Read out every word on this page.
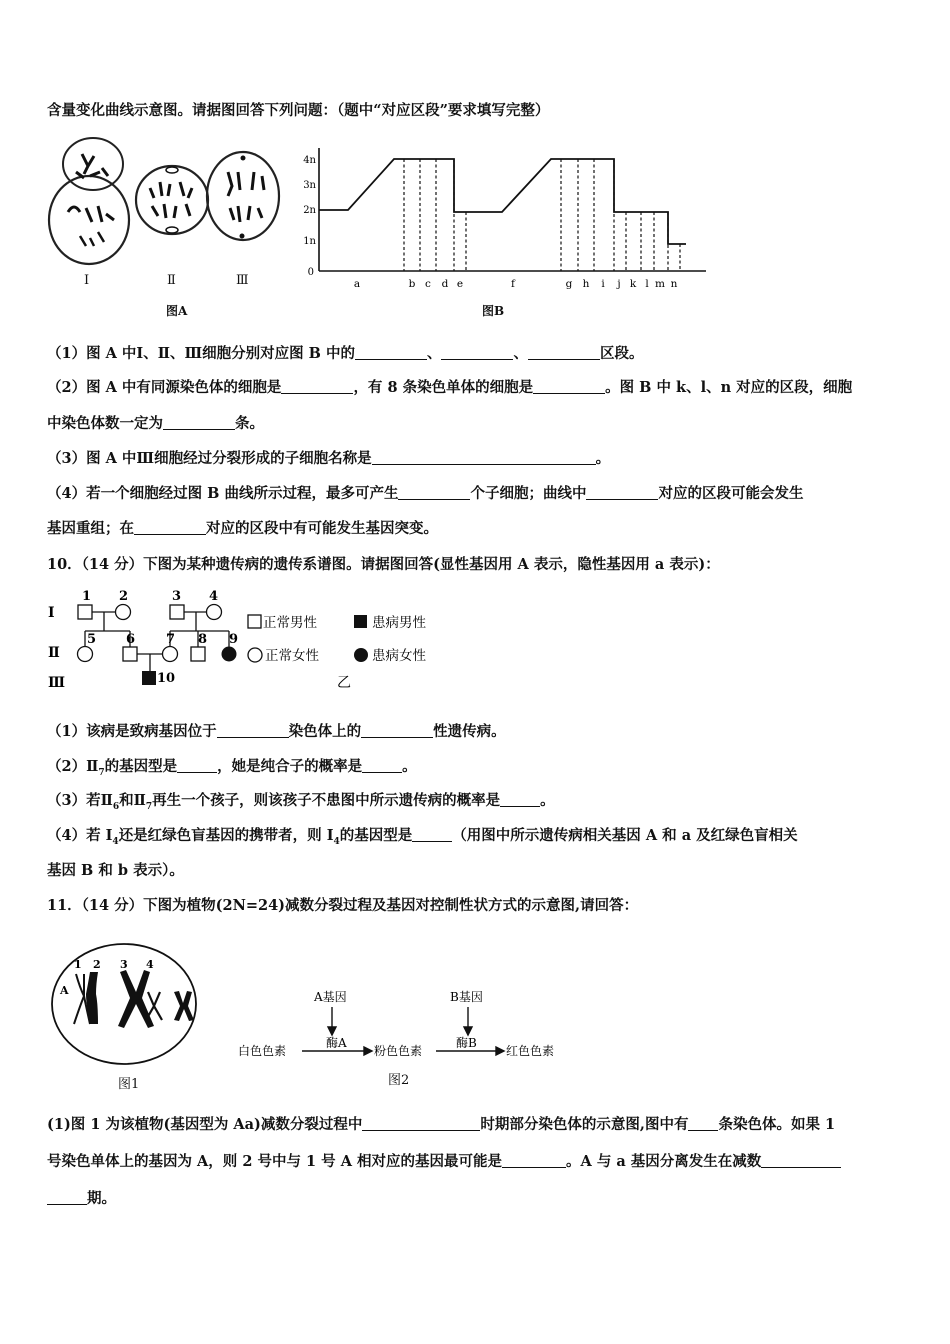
含量变化曲线示意图。请据图回答下列问题：（题中“对应区段”要求填写完整）
Ⅰ	Ⅱ	Ⅲ
图A
4n
3n
2n
1n
0
a	b c d e	f	g h i j k l m n
图B
（1）图 A 中Ⅰ、Ⅱ、Ⅲ细胞分别对应图 B 中的	、	、	区段。
（2）图 A 中有同源染色体的细胞是	，有 8 条染色单体的细胞是	。图 B 中 k、l、n 对应的区段，细胞
中染色体数一定为	条。
（3）图 A 中Ⅲ细胞经过分裂形成的子细胞名称是	。
（4）若一个细胞经过图 B 曲线所示过程，最多可产生	个子细胞；曲线中	对应的区段可能会发生
基因重组；在	对应的区段中有可能发生基因突变。
10．（14 分）下图为某种遗传病的遗传系谱图。请据图回答(显性基因用 A 表示，隐性基因用 a 表示)：
Ⅰ
Ⅱ
Ⅲ
1 2	3 4
5 6 7 8 9
10
正常男性	患病男性
正常女性	患病女性
乙
（1）该病是致病基因位于	染色体上的	性遗传病。
$(2)Ⅱ_7$的基因型是	，她是纯合子的概率是	。
（3）若$Ⅱ_6$和$Ⅱ_7$再生一个孩子，则该孩子不患图中所示遗传病的概率是	。
（4）若 $I_4$还是红绿色盲基因的携带者，则 $I_4$的基因型是	（用图中所示遗传病相关基因 A 和 a 及红绿色盲相关
基因 B 和 b 表示）。
11．（14 分）下图为植物(2N=24)减数分裂过程及基因对控制性状方式的示意图,请回答：
1 2 3 4
A
图1
A基因	B基因
白色色素	粉色色素	红色色素
酶A	酶B
图2
(1)图 1 为该植物(基因型为 Aa)减数分裂过程中	时期部分染色体的示意图,图中有 条染色体。如果 1
号染色单体上的基因为 A，则 2 号中与 1 号 A 相对应的基因最可能是	。A 与 a 基因分离发生在减数
期。
